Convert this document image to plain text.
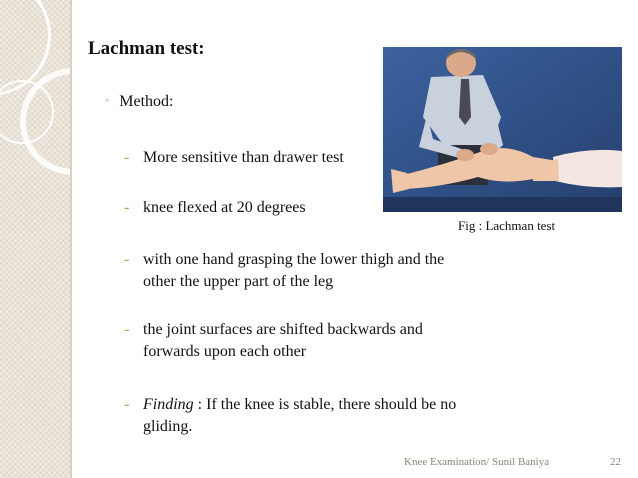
Lachman test:
◦ Method:
- More sensitive than drawer test
- knee flexed at 20 degrees
- with one hand grasping the lower thigh and the other the upper part of the leg
- the joint surfaces are shifted backwards and forwards upon each other
- Finding : If the knee is stable, there should be no gliding.
Fig : Lachman test
Knee Examination/ Sunil Baniya	22
